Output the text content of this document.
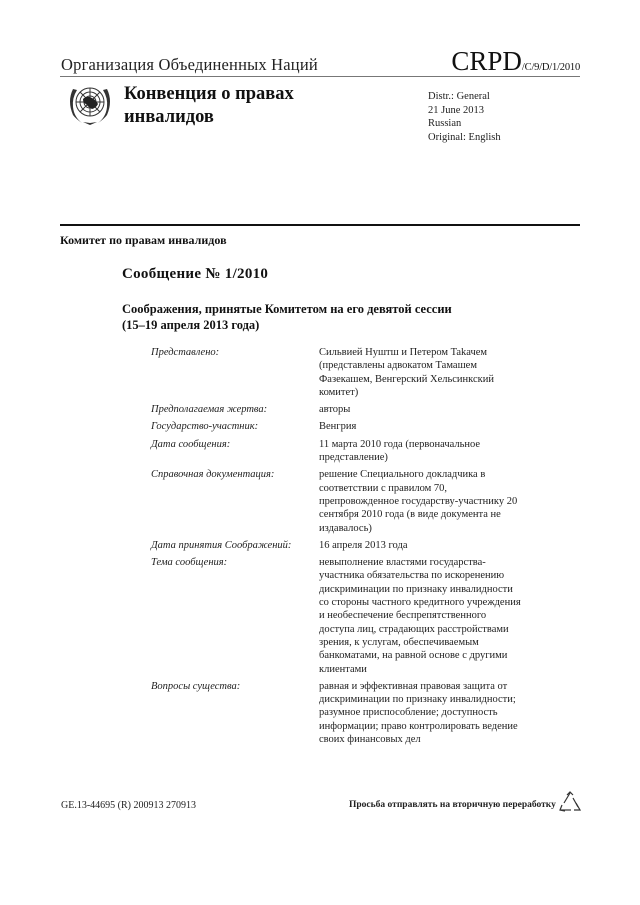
Организация Объединенных Наций	CRPD/C/9/D/1/2010
Конвенция о правах
инвалидов
Distr.: General
21 June 2013
Russian
Original: English
Комитет по правам инвалидов
Сообщение № 1/2010
Соображения, принятые Комитетом на его девятой сессии
(15–19 апреля 2013 года)
Представлено:	Сильвией Нуштш и Петером Takачем (представлены адвокатом Тамашем Фазекашем, Венгерский Хельсинкский комитет)
Предполагаемая жертва:	авторы
Государство-участник:	Венгрия
Дата сообщения:	11 марта 2010 года (первоначальное представление)
Справочная документация:	решение Специального докладчика в соответствии с правилом 70, препровожденное государству-участнику 20 сентября 2010 года (в виде документа не издавалось)
Дата принятия Соображений:	16 апреля 2013 года
Тема сообщения:	невыполнение властями государства-участника обязательства по искоренению дискриминации по признаку инвалидности со стороны частного кредитного учреждения и необеспечение беспрепятственного доступа лиц, страдающих расстройствами зрения, к услугам, обеспечиваемым банкоматами, на равной основе с другими клиентами
Вопросы существа:	равная и эффективная правовая защита от дискриминации по признаку инвалидности; разумное приспособление; доступность информации; право контролировать ведение своих финансовых дел
GE.13-44695 (R) 200913 270913	Просьба отправлять на вторичную переработку
